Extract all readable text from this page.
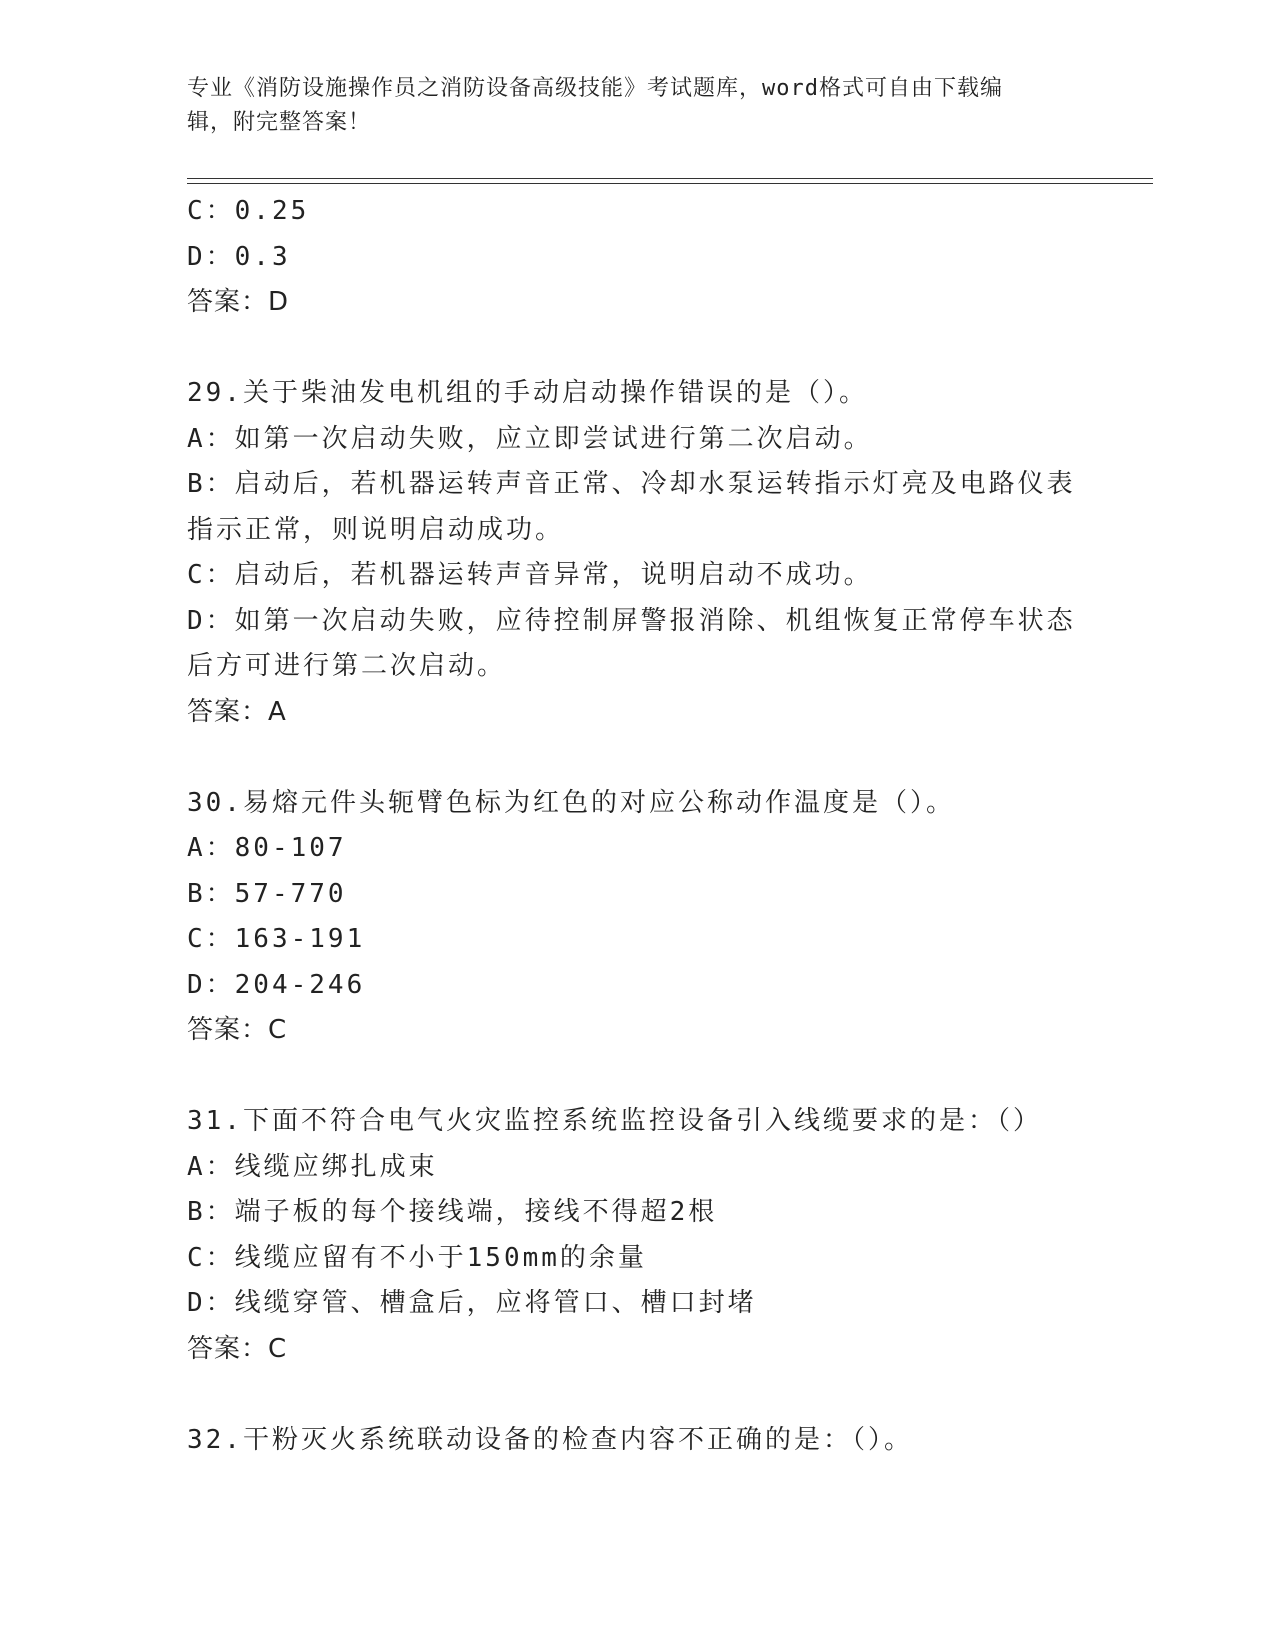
专业《消防设施操作员之消防设备高级技能》考试题库，word格式可自由下载编
辑，附完整答案！
C：0.25
D：0.3
答案：D
29.关于柴油发电机组的手动启动操作错误的是（）。
A：如第一次启动失败，应立即尝试进行第二次启动。
B：启动后，若机器运转声音正常、冷却水泵运转指示灯亮及电路仪表
指示正常，则说明启动成功。
C：启动后，若机器运转声音异常，说明启动不成功。
D：如第一次启动失败，应待控制屏警报消除、机组恢复正常停车状态
后方可进行第二次启动。
答案：A
30.易熔元件头轭臂色标为红色的对应公称动作温度是（）。
A：80-107
B：57-770
C：163-191
D：204-246
答案：C
31.下面不符合电气火灾监控系统监控设备引入线缆要求的是：（）
A：线缆应绑扎成束
B：端子板的每个接线端，接线不得超2根
C：线缆应留有不小于150mm的余量
D：线缆穿管、槽盒后，应将管口、槽口封堵
答案：C
32.干粉灭火系统联动设备的检查内容不正确的是：（）。
